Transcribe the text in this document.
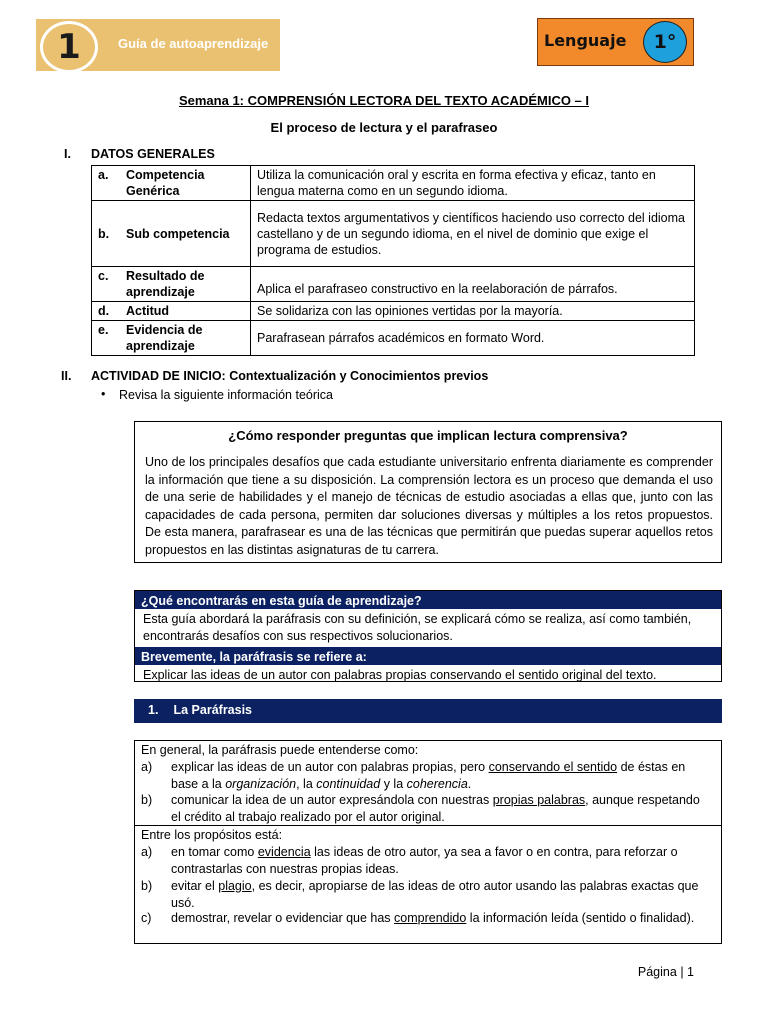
1	Guía de autoaprendizaje	Lenguaje	1°
Semana 1: COMPRENSIÓN LECTORA DEL TEXTO ACADÉMICO – I
El proceso de lectura y el parafraseo
I. DATOS GENERALES
a. Competencia Genérica	Utiliza la comunicación oral y escrita en forma efectiva y eficaz, tanto en lengua materna como en un segundo idioma.
b. Sub competencia	Redacta textos argumentativos y científicos haciendo uso correcto del idioma castellano y de un segundo idioma, en el nivel de dominio que exige el programa de estudios.
c. Resultado de aprendizaje	Aplica el parafraseo constructivo en la reelaboración de párrafos.
d. Actitud	Se solidariza con las opiniones vertidas por la mayoría.
e. Evidencia de aprendizaje	Parafrasean párrafos académicos en formato Word.
II. ACTIVIDAD DE INICIO: Contextualización y Conocimientos previos
• Revisa la siguiente información teórica
¿Cómo responder preguntas que implican lectura comprensiva?
Uno de los principales desafíos que cada estudiante universitario enfrenta diariamente es comprender la información que tiene a su disposición. La comprensión lectora es un proceso que demanda el uso de una serie de habilidades y el manejo de técnicas de estudio asociadas a ellas que, junto con las capacidades de cada persona, permiten dar soluciones diversas y múltiples a los retos propuestos. De esta manera, parafrasear es una de las técnicas que permitirán que puedas superar aquellos retos propuestos en las distintas asignaturas de tu carrera.
¿Qué encontrarás en esta guía de aprendizaje?
Esta guía abordará la paráfrasis con su definición, se explicará cómo se realiza, así como también, encontrarás desafíos con sus respectivos solucionarios.
Brevemente, la paráfrasis se refiere a:
Explicar las ideas de un autor con palabras propias conservando el sentido original del texto.
1. La Paráfrasis
En general, la paráfrasis puede entenderse como:
a) explicar las ideas de un autor con palabras propias, pero conservando el sentido de éstas en base a la organización, la continuidad y la coherencia.
b) comunicar la idea de un autor expresándola con nuestras propias palabras, aunque respetando el crédito al trabajo realizado por el autor original.
Entre los propósitos está:
a) en tomar como evidencia las ideas de otro autor, ya sea a favor o en contra, para reforzar o contrastarlas con nuestras propias ideas.
b) evitar el plagio, es decir, apropiarse de las ideas de otro autor usando las palabras exactas que usó.
c) demostrar, revelar o evidenciar que has comprendido la información leída (sentido o finalidad).
Página | 1
